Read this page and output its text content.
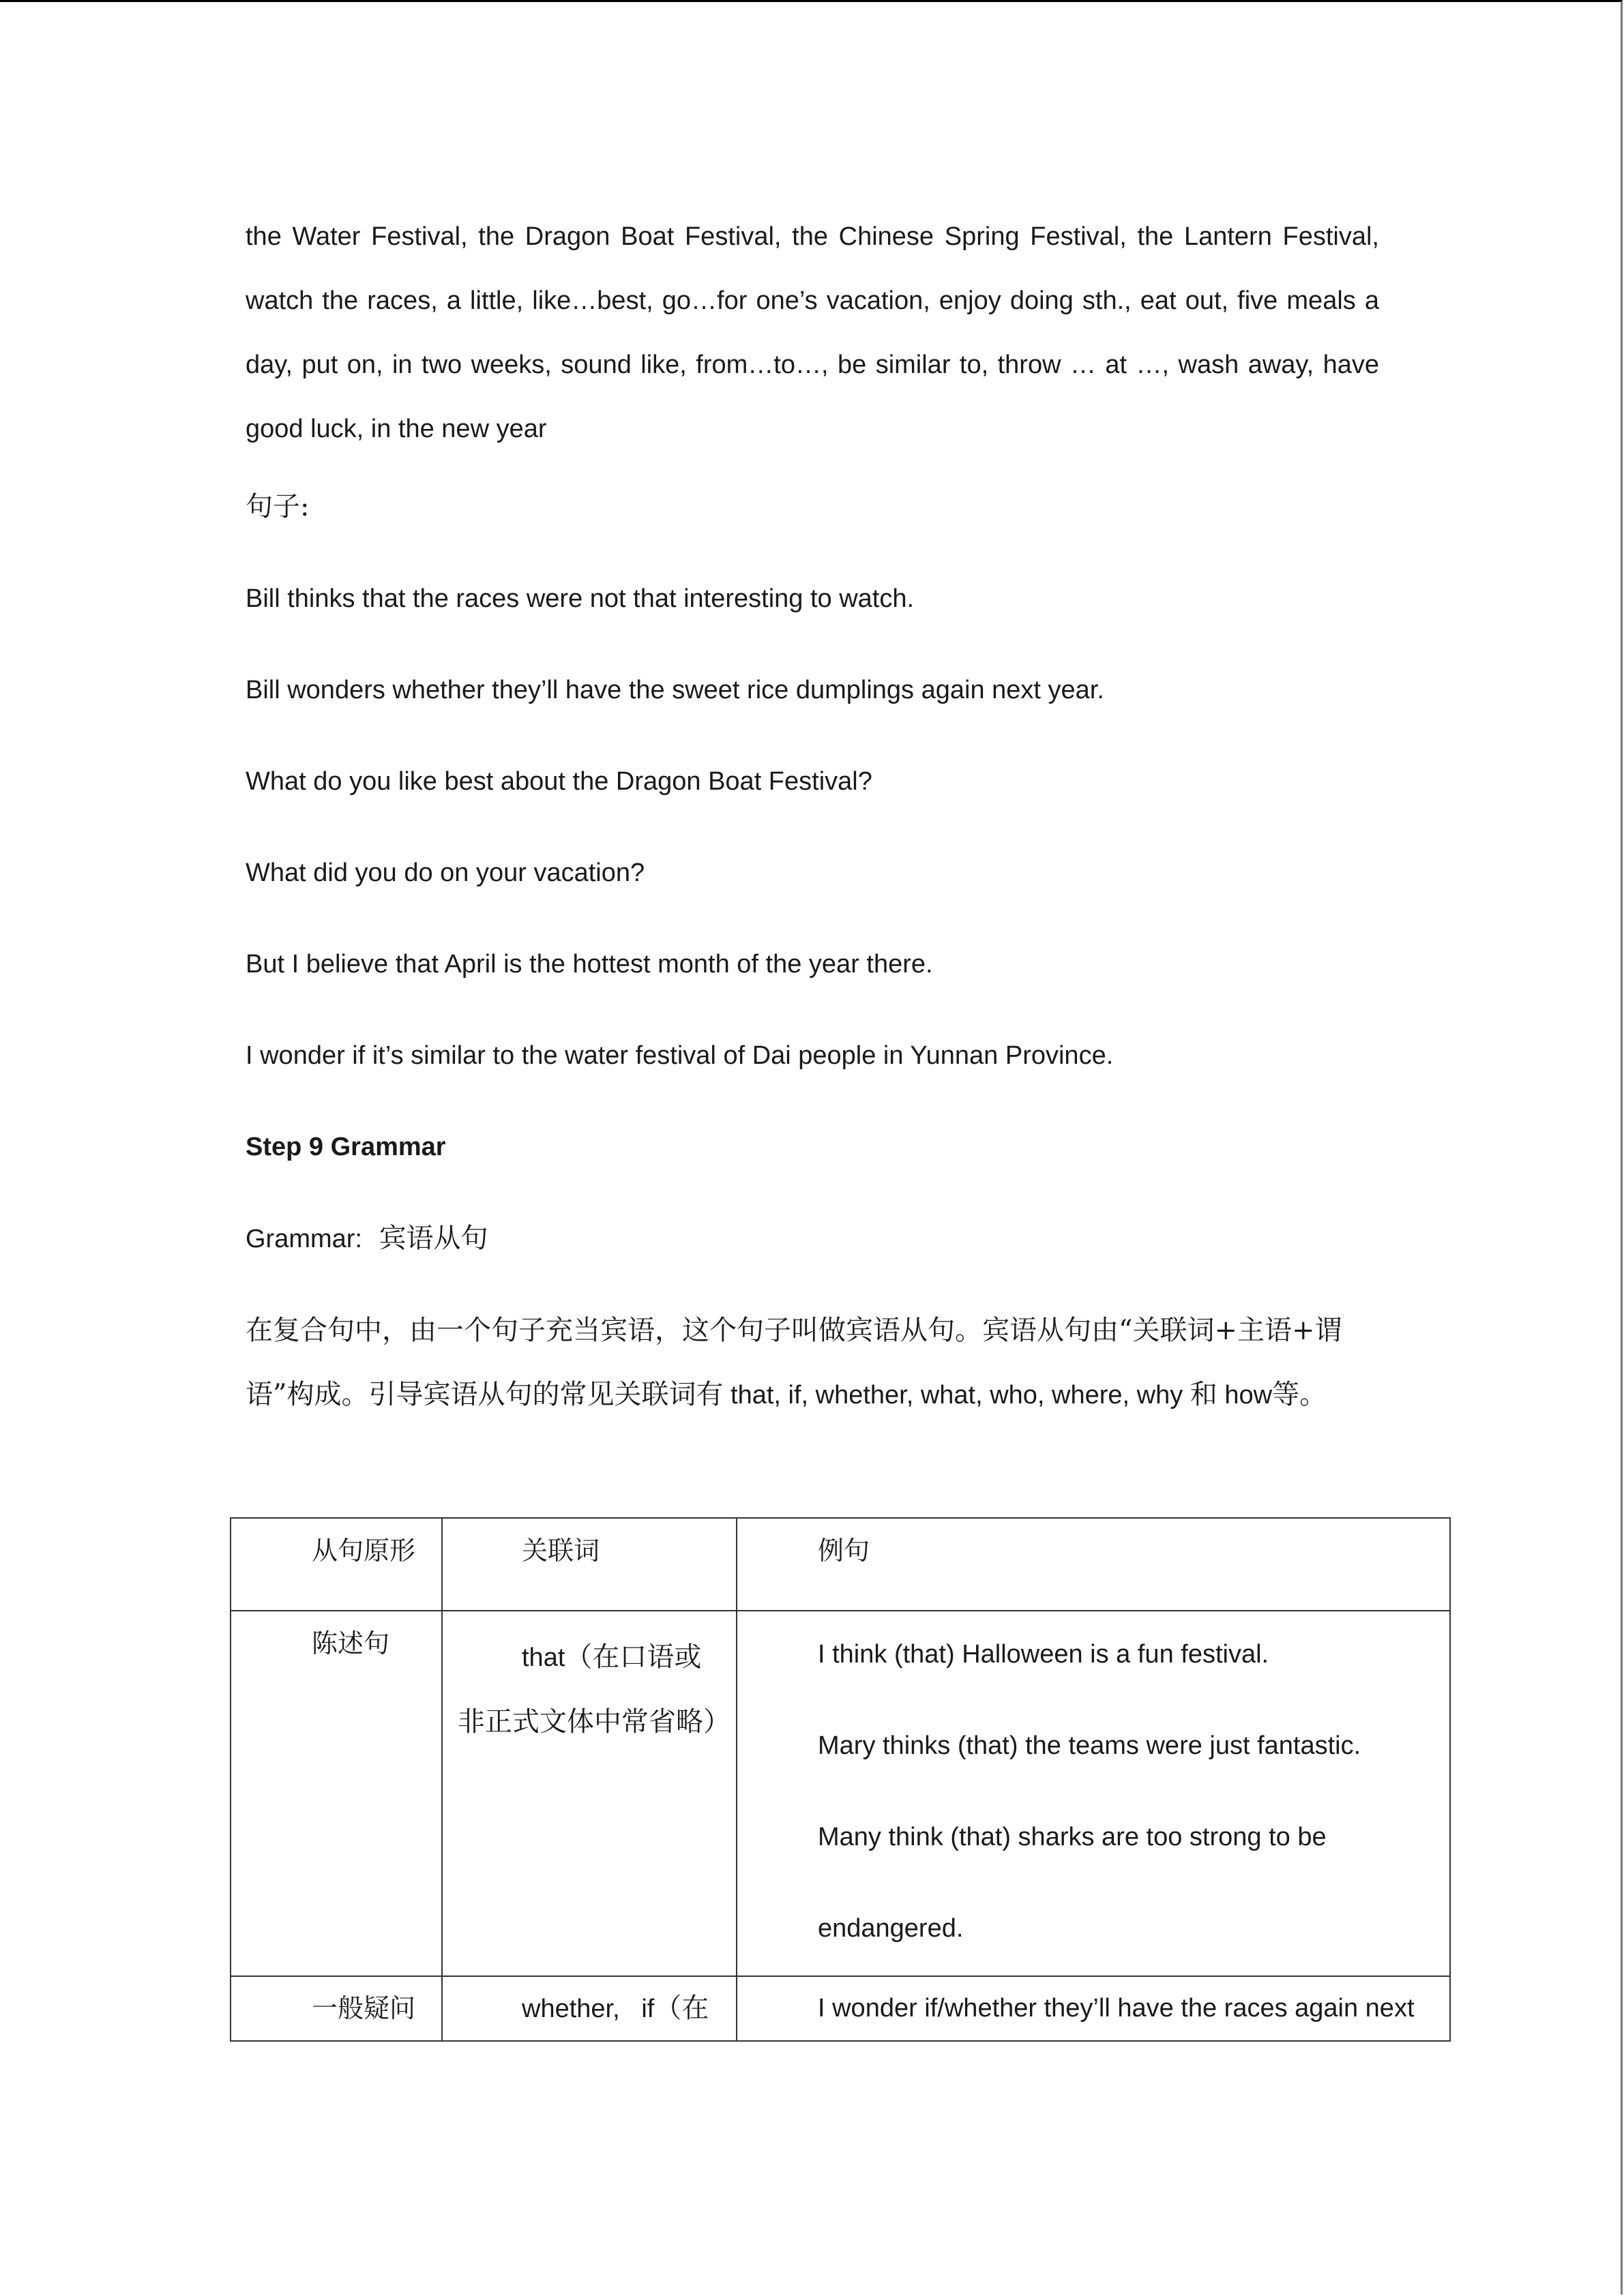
the Water Festival, the Dragon Boat Festival, the Chinese Spring Festival, the Lantern Festival, watch the races, a little, like…best, go…for one’s vacation, enjoy doing sth., eat out, five meals a day, put on, in two weeks, sound like, from…to…, be similar to, throw … at …, wash away, have good luck, in the new year

句子:

Bill thinks that the races were not that interesting to watch.

Bill wonders whether they’ll have the sweet rice dumplings again next year.

What do you like best about the Dragon Boat Festival?

What did you do on your vacation?

But I believe that April is the hottest month of the year there.

I wonder if it’s similar to the water festival of Dai people in Yunnan Province.

Step 9 Grammar

Grammar: 宾语从句

在复合句中，由一个句子充当宾语，这个句子叫做宾语从句。宾语从句由“关联词+主语+谓语”构成。引导宾语从句的常见关联词有 that, if, whether, what, who, where, why 和 how等。

从句原形	关联词	例句
陈述句	that（在口语或非正式文体中常省略）	I think (that) Halloween is a fun festival.
Mary thinks (that) the teams were just fantastic.
Many think (that) sharks are too strong to be endangered.

一般疑问	whether,   if（在	I wonder if/whether they’ll have the races again next
